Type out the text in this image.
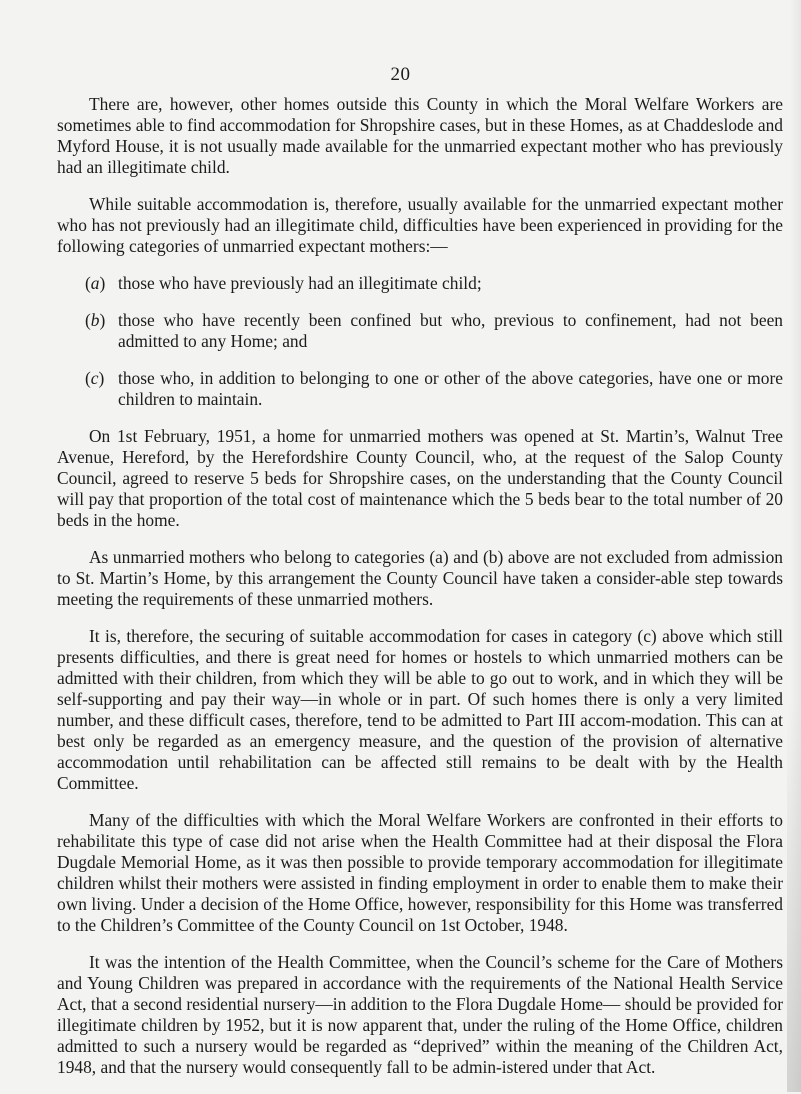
20

There are, however, other homes outside this County in which the Moral Welfare Workers are sometimes able to find accommodation for Shropshire cases, but in these Homes, as at Chaddeslode and Myford House, it is not usually made available for the unmarried expectant mother who has previously had an illegitimate child.

While suitable accommodation is, therefore, usually available for the unmarried expectant mother who has not previously had an illegitimate child, difficulties have been experienced in providing for the following categories of unmarried expectant mothers:—

(a) those who have previously had an illegitimate child;
(b) those who have recently been confined but who, previous to confinement, had not been admitted to any Home; and
(c) those who, in addition to belonging to one or other of the above categories, have one or more children to maintain.

On 1st February, 1951, a home for unmarried mothers was opened at St. Martin’s, Walnut Tree Avenue, Hereford, by the Herefordshire County Council, who, at the request of the Salop County Council, agreed to reserve 5 beds for Shropshire cases, on the understanding that the County Council will pay that proportion of the total cost of maintenance which the 5 beds bear to the total number of 20 beds in the home.

As unmarried mothers who belong to categories (a) and (b) above are not excluded from admission to St. Martin’s Home, by this arrangement the County Council have taken a consider-able step towards meeting the requirements of these unmarried mothers.

It is, therefore, the securing of suitable accommodation for cases in category (c) above which still presents difficulties, and there is great need for homes or hostels to which unmarried mothers can be admitted with their children, from which they will be able to go out to work, and in which they will be self-supporting and pay their way—in whole or in part. Of such homes there is only a very limited number, and these difficult cases, therefore, tend to be admitted to Part III accom-modation. This can at best only be regarded as an emergency measure, and the question of the provision of alternative accommodation until rehabilitation can be affected still remains to be dealt with by the Health Committee.

Many of the difficulties with which the Moral Welfare Workers are confronted in their efforts to rehabilitate this type of case did not arise when the Health Committee had at their disposal the Flora Dugdale Memorial Home, as it was then possible to provide temporary accommodation for illegitimate children whilst their mothers were assisted in finding employment in order to enable them to make their own living. Under a decision of the Home Office, however, responsibility for this Home was transferred to the Children’s Committee of the County Council on 1st October, 1948.

It was the intention of the Health Committee, when the Council’s scheme for the Care of Mothers and Young Children was prepared in accordance with the requirements of the National Health Service Act, that a second residential nursery—in addition to the Flora Dugdale Home— should be provided for illegitimate children by 1952, but it is now apparent that, under the ruling of the Home Office, children admitted to such a nursery would be regarded as “deprived” within the meaning of the Children Act, 1948, and that the nursery would consequently fall to be admin-istered under that Act.
